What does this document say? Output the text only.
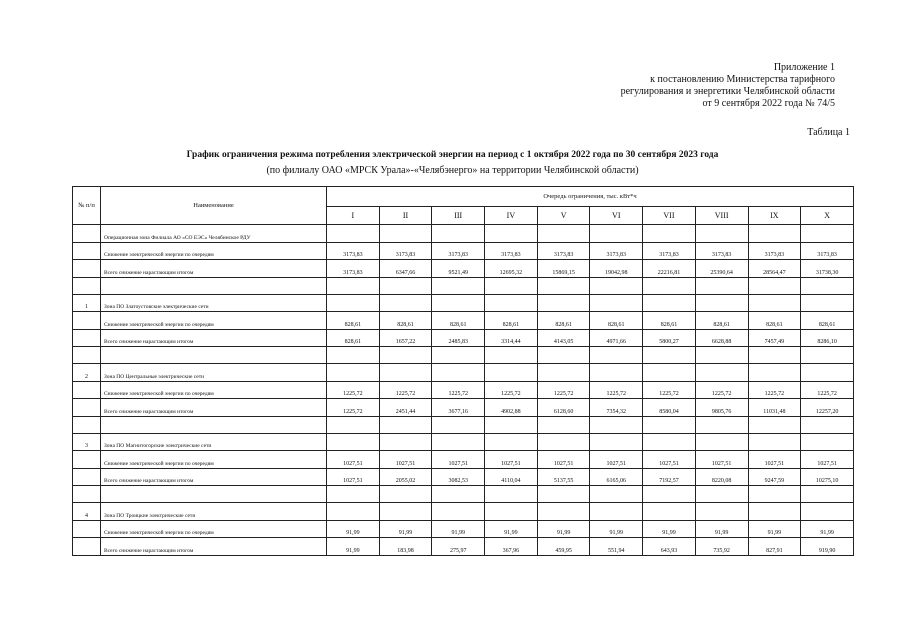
Приложение 1
к постановлению Министерства тарифного
регулирования и энергетики Челябинской области
от 9 сентября 2022 года № 74/5
Таблица 1
График ограничения режима потребления электрической энергии на период с 1 октября 2022 года по 30 сентября 2023 года
(по филиалу ОАО «МРСК Урала»-«Челябэнерго» на территории Челябинской области)
№ п/п	Наименование	Очередь ограничения, тыс. кВт*ч									
		I	II	III	IV	V	VI	VII	VIII	IX	X
	Операционная зона Филиала АО «СО ЕЭС» Челябинское РДУ										
	Снижение электрической энергии по очередям	3173,83	3173,83	3173,83	3173,83	3173,83	3173,83	3173,83	3173,83	3173,83	3173,83
	Всего снижение нарастающим итогом	3173,83	6347,66	9521,49	12695,32	15869,15	19042,98	22216,81	25390,64	28564,47	31738,30

1	Зона ПО Златоустовские электрические сети										
	Снижение электрической энергии по очередям	828,61	828,61	828,61	828,61	828,61	828,61	828,61	828,61	828,61	828,61
	Всего снижение нарастающим итогом	828,61	1657,22	2485,83	3314,44	4143,05	4971,66	5800,27	6628,88	7457,49	8286,10

2	Зона ПО Центральные электрические сети										
	Снижение электрической энергии по очередям	1225,72	1225,72	1225,72	1225,72	1225,72	1225,72	1225,72	1225,72	1225,72	1225,72
	Всего снижение нарастающим итогом	1225,72	2451,44	3677,16	4902,88	6128,60	7354,32	8580,04	9805,76	11031,48	12257,20

3	Зона ПО Магнитогорские электрические сети										
	Снижение электрической энергии по очередям	1027,51	1027,51	1027,51	1027,51	1027,51	1027,51	1027,51	1027,51	1027,51	1027,51
	Всего снижение нарастающим итогом	1027,51	2055,02	3082,53	4110,04	5137,55	6165,06	7192,57	8220,08	9247,59	10275,10

4	Зона ПО Троицкие электрические сети										
	Снижение электрической энергии по очередям	91,99	91,99	91,99	91,99	91,99	91,99	91,99	91,99	91,99	91,99
	Всего снижение нарастающим итогом	91,99	183,98	275,97	367,96	459,95	551,94	643,93	735,92	827,91	919,90
